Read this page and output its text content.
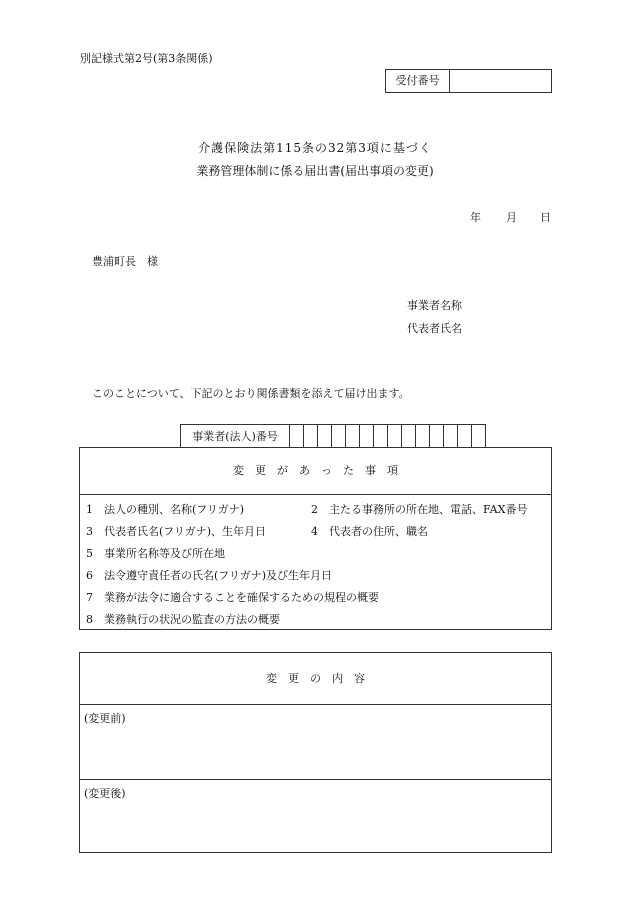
別記様式第2号(第3条関係)
受付番号
介護保険法第115条の32第3項に基づく
業務管理体制に係る届出書(届出事項の変更)
年 月 日
豊浦町長　様
事業者名称
代表者氏名
このことについて、下記のとおり関係書類を添えて届け出ます。
事業者(法人)番号														
変　更　が　あ　っ　た　事　項
1　法人の種別、名称(フリガナ)	2　主たる事務所の所在地、電話、FAX番号
3　代表者氏名(フリガナ)、生年月日	4　代表者の住所、職名
5　事業所名称等及び所在地
6　法令遵守責任者の氏名(フリガナ)及び生年月日
7　業務が法令に適合することを確保するための規程の概要
8　業務執行の状況の監査の方法の概要
変　更　の　内　容
(変更前)
(変更後)
